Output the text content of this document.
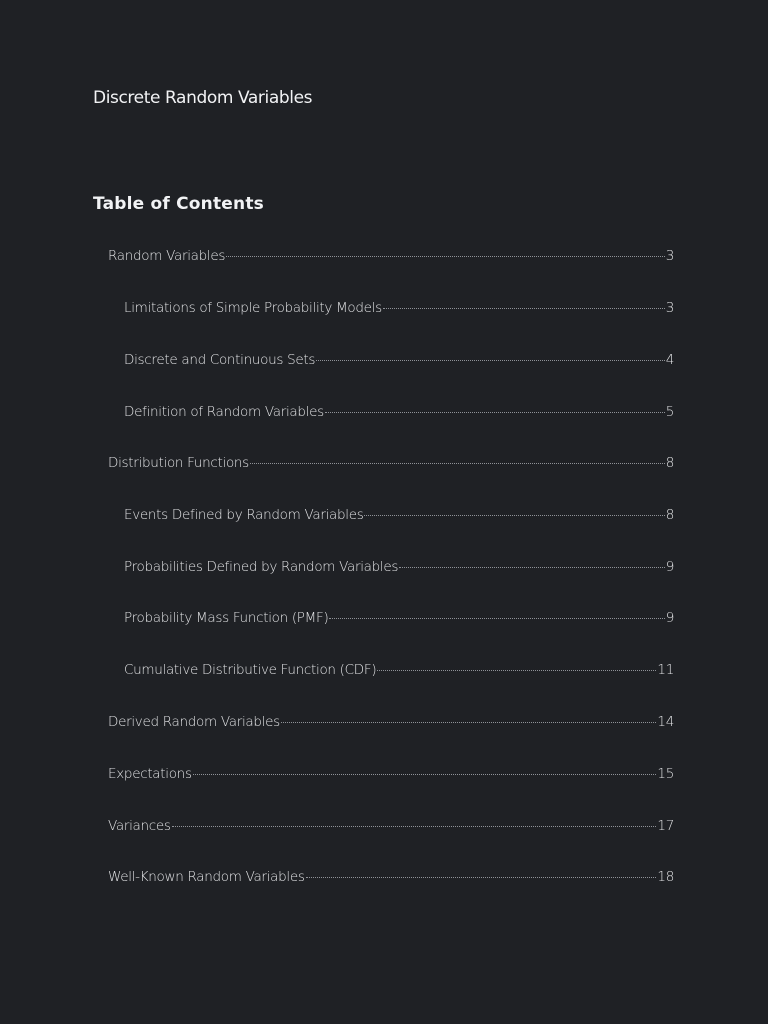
Discrete Random Variables
Table of Contents
Random Variables	3
Limitations of Simple Probability Models	3
Discrete and Continuous Sets	4
Definition of Random Variables	5
Distribution Functions	8
Events Defined by Random Variables	8
Probabilities Defined by Random Variables	9
Probability Mass Function (PMF)	9
Cumulative Distributive Function (CDF)	11
Derived Random Variables	14
Expectations	15
Variances	17
Well-Known Random Variables	18
